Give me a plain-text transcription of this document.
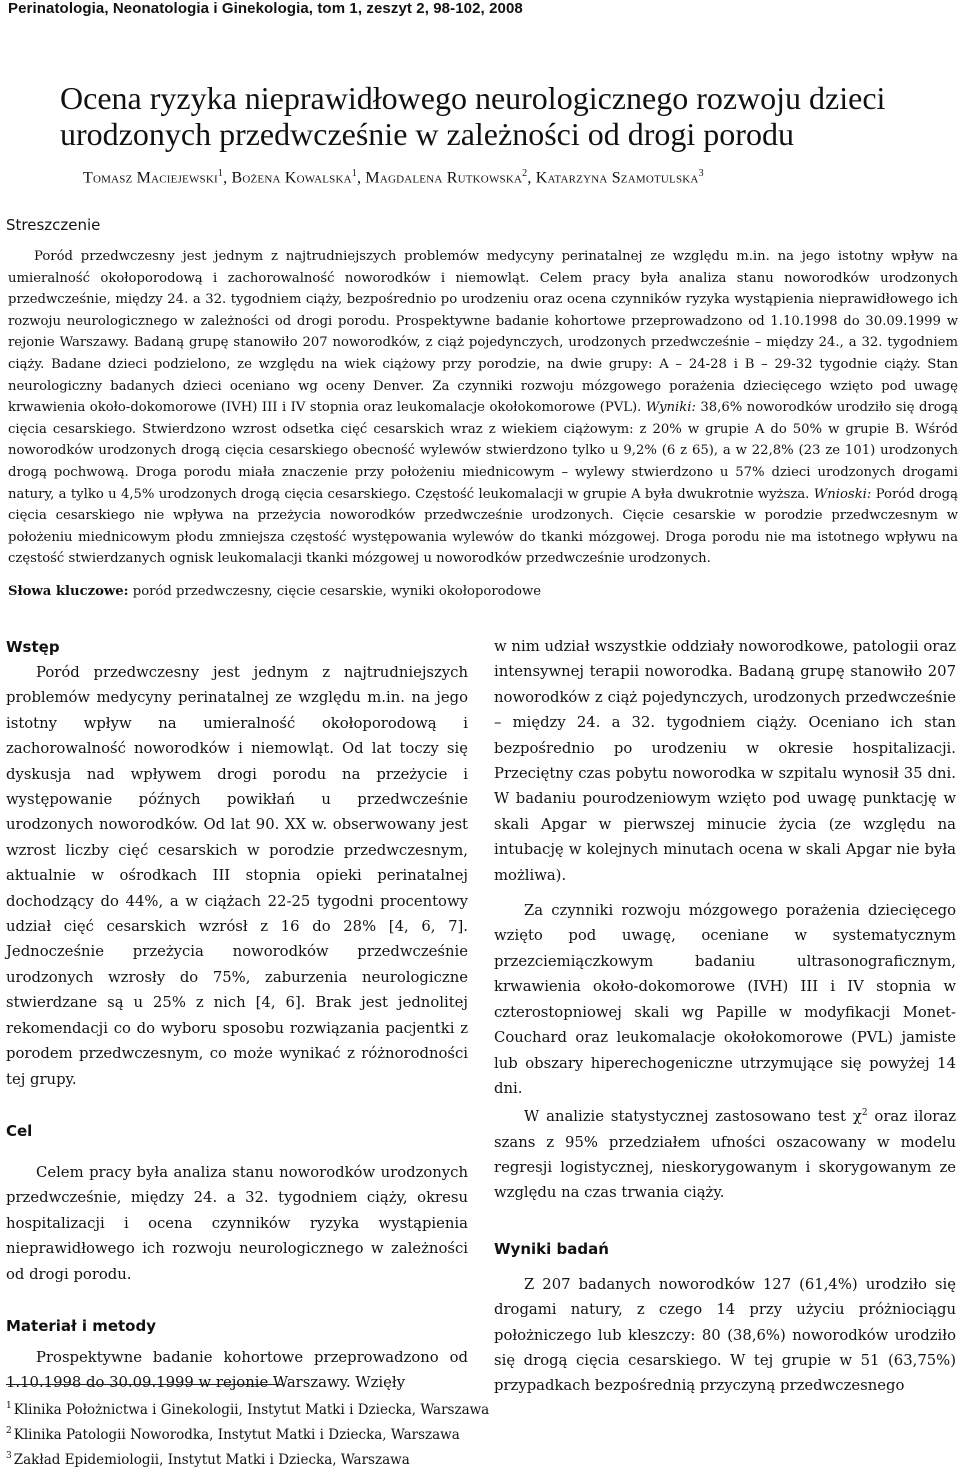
Perinatologia, Neonatologia i Ginekologia, tom 1, zeszyt 2, 98-102, 2008
Ocena ryzyka nieprawidłowego neurologicznego rozwoju dzieci
urodzonych przedwcześnie w zależności od drogi porodu
Tomasz Maciejewski$^1$, Bożena Kowalska$^1$, Magdalena Rutkowska$^2$, Katarzyna Szamotulska$^3$
Streszczenie
Poród przedwczesny jest jednym z najtrudniejszych problemów medycyny perinatalnej ze względu m.in. na jego istotny wpływ na umieralność okołoporodową i zachorowalność noworodków i niemowląt. Celem pracy była analiza stanu noworodków urodzonych przedwcześnie, między 24. a 32. tygodniem ciąży, bezpośrednio po urodzeniu oraz ocena czynników ryzyka wystąpienia nieprawidłowego ich rozwoju neurologicznego w zależności od drogi porodu. Prospektywne badanie kohortowe przeprowadzono od 1.10.1998 do 30.09.1999 w rejonie Warszawy. Badaną grupę stanowiło 207 noworodków, z ciąż pojedynczych, urodzonych przedwcześnie – między 24., a 32. tygodniem ciąży. Badane dzieci podzielono, ze względu na wiek ciążowy przy porodzie, na dwie grupy: A – 24-28 i B – 29-32 tygodnie ciąży. Stan neurologiczny badanych dzieci oceniano wg oceny Denver. Za czynniki rozwoju mózgowego porażenia dziecięcego wzięto pod uwagę krwawienia około-dokomorowe (IVH) III i IV stopnia oraz leukomalacje okołokomorowe (PVL). Wyniki: 38,6% noworodków urodziło się drogą cięcia cesarskiego. Stwierdzono wzrost odsetka cięć cesarskich wraz z wiekiem ciążowym: z 20% w grupie A do 50% w grupie B. Wśród noworodków urodzonych drogą cięcia cesarskiego obecność wylewów stwierdzono tylko u 9,2% (6 z 65), a w 22,8% (23 ze 101) urodzonych drogą pochwową. Droga porodu miała znaczenie przy położeniu miednicowym – wylewy stwierdzono u 57% dzieci urodzonych drogami natury, a tylko u 4,5% urodzonych drogą cięcia cesarskiego. Częstość leukomalacji w grupie A była dwukrotnie wyższa. Wnioski: Poród drogą cięcia cesarskiego nie wpływa na przeżycia noworodków przedwcześnie urodzonych. Cięcie cesarskie w porodzie przedwczesnym w położeniu miednicowym płodu zmniejsza częstość występowania wylewów do tkanki mózgowej. Droga porodu nie ma istotnego wpływu na częstość stwierdzanych ognisk leukomalacji tkanki mózgowej u noworodków przedwcześnie urodzonych.
Słowa kluczowe: poród przedwczesny, cięcie cesarskie, wyniki okołoporodowe
Wstęp

Poród przedwczesny jest jednym z najtrudniejszych problemów medycyny perinatalnej ze względu m.in. na jego istotny wpływ na umieralność okołoporodową i zachorowalność noworodków i niemowląt. Od lat toczy się dyskusja nad wpływem drogi porodu na przeżycie i występowanie późnych powikłań u przedwcześnie urodzonych noworodków. Od lat 90. XX w. obserwowany jest wzrost liczby cięć cesarskich w porodzie przedwczesnym, aktualnie w ośrodkach III stopnia opieki perinatalnej dochodzący do 44%, a w ciążach 22-25 tygodni procentowy udział cięć cesarskich wzrósł z 16 do 28% [4, 6, 7]. Jednocześnie przeżycia noworodków przedwcześnie urodzonych wzrosły do 75%, zaburzenia neurologiczne stwierdzane są u 25% z nich [4, 6]. Brak jest jednolitej rekomendacji co do wyboru sposobu rozwiązania pacjentki z porodem przedwczesnym, co może wynikać z różnorodności tej grupy.

Cel

Celem pracy była analiza stanu noworodków urodzonych przedwcześnie, między 24. a 32. tygodniem ciąży, okresu hospitalizacji i ocena czynników ryzyka wystąpienia nieprawidłowego ich rozwoju neurologicznego w zależności od drogi porodu.

Materiał i metody

Prospektywne badanie kohortowe przeprowadzono od 1.10.1998 do 30.09.1999 w rejonie Warszawy. Wzięły

w nim udział wszystkie oddziały noworodkowe, patologii oraz intensywnej terapii noworodka. Badaną grupę stanowiło 207 noworodków z ciąż pojedynczych, urodzonych przedwcześnie – między 24. a 32. tygodniem ciąży. Oceniano ich stan bezpośrednio po urodzeniu w okresie hospitalizacji. Przeciętny czas pobytu noworodka w szpitalu wynosił 35 dni. W badaniu pourodzeniowym wzięto pod uwagę punktację w skali Apgar w pierwszej minucie życia (ze względu na intubację w kolejnych minutach ocena w skali Apgar nie była możliwa).

Za czynniki rozwoju mózgowego porażenia dziecięcego wzięto pod uwagę, oceniane w systematycznym przezciemiączkowym badaniu ultrasonograficznym, krwawienia około-dokomorowe (IVH) III i IV stopnia w czterostopniowej skali wg Papille w modyfikacji Monet-Couchard oraz leukomalacje okołokomorowe (PVL) jamiste lub obszary hiperechogeniczne utrzymujące się powyżej 14 dni.

W analizie statystycznej zastosowano test $\chi^2$ oraz iloraz szans z 95% przedziałem ufności oszacowany w modelu regresji logistycznej, nieskorygowanym i skorygowanym ze względu na czas trwania ciąży.

Wyniki badań

Z 207 badanych noworodków 127 (61,4%) urodziło się drogami natury, z czego 14 przy użyciu próżniociągu położniczego lub kleszczy: 80 (38,6%) noworodków urodziło się drogą cięcia cesarskiego. W tej grupie w 51 (63,75%) przypadkach bezpośrednią przyczyną przedwczesnego

$^1$ Klinika Położnictwa i Ginekologii, Instytut Matki i Dziecka, Warszawa
$^2$ Klinika Patologii Noworodka, Instytut Matki i Dziecka, Warszawa
$^3$ Zakład Epidemiologii, Instytut Matki i Dziecka, Warszawa
